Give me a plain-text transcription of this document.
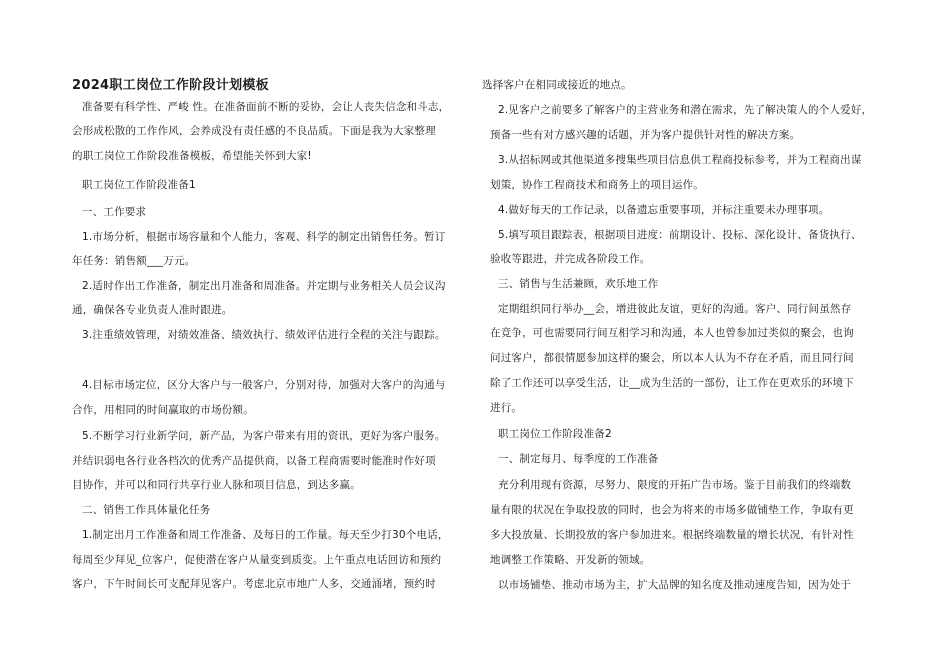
2024职工岗位工作阶段计划模板
准备要有科学性、严峻 性。在准备面前不断的妥协，会让人丧失信念和斗志，
会形成松散的工作作风，会养成没有责任感的不良品质。下面是我为大家整理
的职工岗位工作阶段准备模板，希望能关怀到大家!
职工岗位工作阶段准备1
一、工作要求
1.市场分析，根据市场容量和个人能力，客观、科学的制定出销售任务。暂订
年任务：销售额___万元。
2.适时作出工作准备，制定出月准备和周准备。并定期与业务相关人员会议沟
通，确保各专业负责人准时跟进。
3.注重绩效管理，对绩效准备、绩效执行、绩效评估进行全程的关注与跟踪。
4.目标市场定位，区分大客户与一般客户，分别对待，加强对大客户的沟通与
合作，用相同的时间赢取的市场份额。
5.不断学习行业新学问，新产品，为客户带来有用的资讯，更好为客户服务。
并结识弱电各行业各档次的优秀产品提供商，以备工程商需要时能准时作好项
目协作，并可以和同行共享行业人脉和项目信息，到达多赢。
二、销售工作具体量化任务
1.制定出月工作准备和周工作准备、及每日的工作量。每天至少打30个电话，
每周至少拜见_位客户，促使潜在客户从量变到质变。上午重点电话回访和预约
客户，下午时间长可支配拜见客户。考虑北京市地广人多，交通涌堵，预约时
选择客户在相同或接近的地点。
2.见客户之前要多了解客户的主营业务和潜在需求，先了解决策人的个人爱好，
预备一些有对方感兴趣的话题，并为客户提供针对性的解决方案。
3.从招标网或其他渠道多搜集些项目信息供工程商投标参考，并为工程商出谋
划策，协作工程商技术和商务上的项目运作。
4.做好每天的工作记录，以备遗忘重要事项，并标注重要未办理事项。
5.填写项目跟踪表，根据项目进度：前期设计、投标、深化设计、备货执行、
验收等跟进，并完成各阶段工作。
三、销售与生活兼顾，欢乐地工作
定期组织同行举办__会，增进彼此友谊，更好的沟通。客户、同行间虽然存
在竞争，可也需要同行间互相学习和沟通，本人也曾参加过类似的聚会，也询
问过客户，都很情愿参加这样的聚会，所以本人认为不存在矛盾，而且同行间
除了工作还可以享受生活，让__成为生活的一部份，让工作在更欢乐的环境下
进行。
职工岗位工作阶段准备2
一、制定每月、每季度的工作准备
充分利用现有资源，尽努力、限度的开拓广告市场。鉴于目前我们的终端数
量有限的状况在争取投放的同时，也会为将来的市场多做铺垫工作，争取有更
多大投放量、长期投放的客户参加进来。根据终端数量的增长状况，有针对性
地调整工作策略、开发新的领域。
以市场铺垫、推动市场为主，扩大品牌的知名度及推动速度告知，因为处于
